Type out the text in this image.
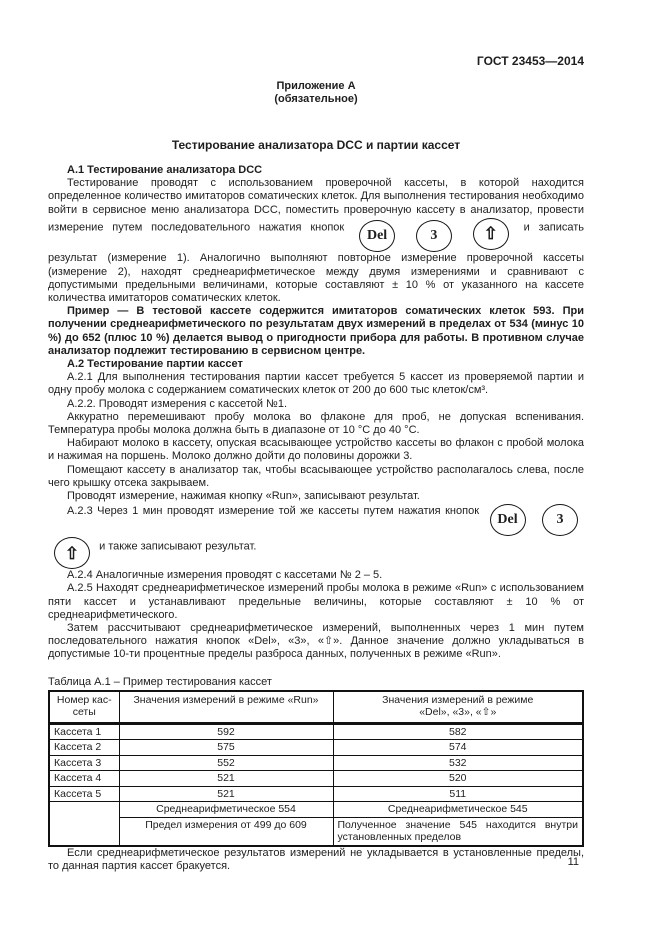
ГОСТ 23453—2014
Приложение А
(обязательное)
Тестирование анализатора DCC и партии кассет

А.1 Тестирование анализатора DCC

Тестирование проводят с использованием проверочной кассеты, в которой находится определенное количество имитаторов соматических клеток. Для выполнения тестирования необходимо войти в сервисное меню анализатора DCC, поместить проверочную кассету в анализатор, провести измерение путем последовательного нажатия кнопок Del	3	⇧ и записать результат (измерение 1). Аналогично выполняют повторное измерение проверочной кассеты (измерение 2), находят среднеарифметическое между двумя измерениями и сравнивают с допустимыми предельными величинами, которые составляют ± 10 % от указанного на кассете количества имитаторов соматических клеток.

Пример — В тестовой кассете содержится имитаторов соматических клеток 593. При получении среднеарифметического по результатам двух измерений в пределах от 534 (минус 10 %) до 652 (плюс 10 %) делается вывод о пригодности прибора для работы. В противном случае анализатор подлежит тестированию в сервисном центре.

А.2 Тестирование партии кассет

А.2.1 Для выполнения тестирования партии кассет требуется 5 кассет из проверяемой партии и одну пробу молока с содержанием соматических клеток от 200 до 600 тыс клеток/см³.

А.2.2. Проводят измерения с кассетой №1.

Аккуратно перемешивают пробу молока во флаконе для проб, не допуская вспенивания. Температура пробы молока должна быть в диапазоне от 10 °С до 40 °С.

Набирают молоко в кассету, опуская всасывающее устройство кассеты во флакон с пробой молока и нажимая на поршень. Молоко должно дойти до половины дорожки 3.

Помещают кассету в анализатор так, чтобы всасывающее устройство располагалось слева, после чего крышку отсека закрываем.

Проводят измерение, нажимая кнопку «Run», записывают результат.

А.2.3 Через 1 мин проводят измерение той же кассеты путем нажатия кнопок Del	3 ⇧ и также записывают результат.

А.2.4 Аналогичные измерения проводят с кассетами № 2 – 5.

А.2.5 Находят среднеарифметическое измерений пробы молока в режиме «Run» с использованием пяти кассет и устанавливают предельные величины, которые составляют ± 10 % от среднеарифметического.

Затем рассчитывают среднеарифметическое измерений, выполненных через 1 мин путем последовательного нажатия кнопок «Del», «3», «⇧». Данное значение должно укладываться в допустимые 10-ти процентные пределы разброса данных, полученных в режиме «Run».

Таблица А.1 – Пример тестирования кассет

Номер кас-сеты	Значения измерений в режиме «Run»	Значения измерений в режиме
«Del», «3», «⇧»
Кассета 1	592	582
Кассета 2	575	574
Кассета 3	552	532
Кассета 4	521	520
Кассета 5	521	511
	Среднеарифметическое 554	Среднеарифметическое 545
	Предел измерения от 499 до 609	Полученное значение 545 находится внутри установленных пределов

Если среднеарифметическое результатов измерений не укладывается в установленные пределы, то данная партия кассет бракуется.	11
